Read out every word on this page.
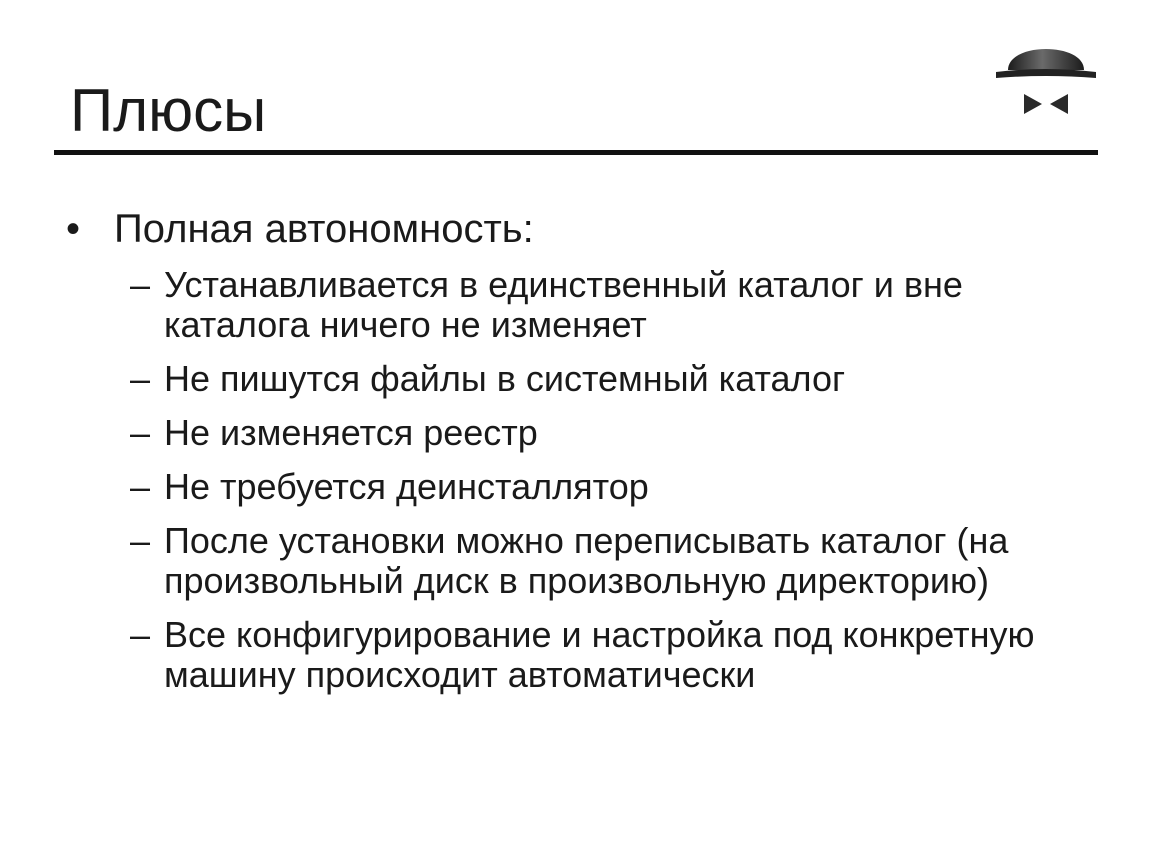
Плюсы
• Полная автономность:
– Устанавливается в единственный каталог и вне каталога ничего не изменяет
– Не пишутся файлы в системный каталог
– Не изменяется реестр
– Не требуется деинсталлятор
– После установки можно переписывать каталог (на произвольный диск в произвольную директорию)
– Все конфигурирование и настройка под конкретную машину происходит автоматически
